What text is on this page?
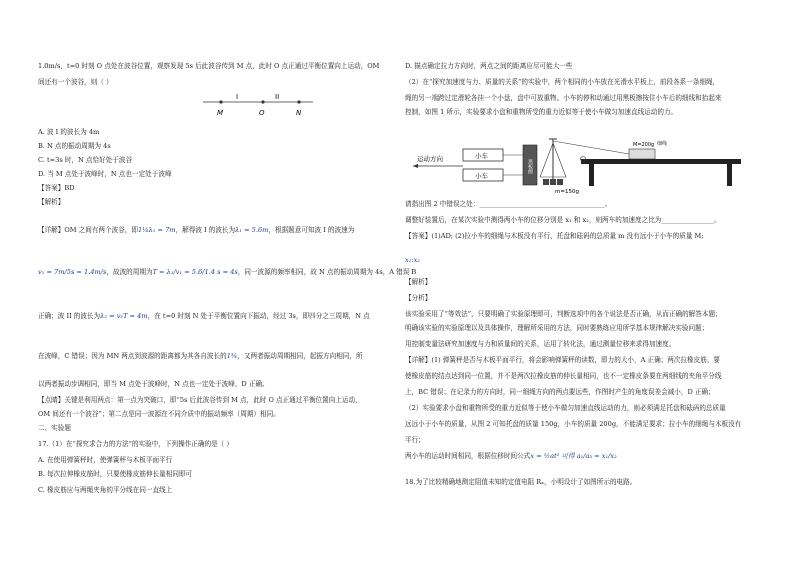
1.0m/s，t=0 时刻 O 点处在波谷位置，观察发现 5s 后此波谷传到 M 点，此时 O 点正通过平衡位置向上运动，OM
间还有一个波谷，则（ ）
I	II
M	O	N
A. 波 I 的波长为 4m
B. N 点的振动周期为 4s
C. t=3s 时，N 点恰好处于波谷
D. 当 M 点处于波峰时，N 点也一定处于波峰
【答案】BD
【解析】
【详解】OM 之间有两个波谷，即1¼λ₁ = 7m，解得波 I 的波长为λ₁ = 5.6m，根据题意可知波 I 的波速为
v₁ = 7m/5s = 1.4m/s，故波的周期为T = λ₁/v₁ = 5.6/1.4 s = 4s，同一波源的频率相同，故 N 点的振动周期为 4s，A 错误 B
正确；波 II 的波长为λ₂ = v₂T = 4m，在 t=0 时刻 N 处于平衡位置向下振动，经过 3s，即四分之三周期，N 点
在波峰，C 错误；因为 MN 两点到波源的距离都为其各自波长的1¾，又两者振动周期相同，起振方向相同，所
以两者振动步调相同，即当 M 点处于波峰时，N 点也一定处于波峰，D 正确。
【点睛】关键是利用两点：第一点为突破口，即“5s 后此波谷传到 M 点，此时 O 点正通过平衡位置向上运动，
OM 间还有一个波谷”；第二点是同一波源在不同介质中的振动频率（周期）相同。
二、实验题
17.（1）在“探究求合力的方法”的实验中，下列操作正确的是（ ）
A. 在使用弹簧秤时，使弹簧秤与木板平面平行
B. 每次拉伸橡皮筋时，只要使橡皮筋伸长量相同即可
C. 橡皮筋应与两绳夹角的平分线在同一直线上
D. 描点确定拉力方向时，两点之间的距离应尽可能大一些
（2）在“探究加速度与力、质量的关系”的实验中，两个相同的小车放在光滑水平板上，前段各系一条细绳，
绳的另一端跨过定滑轮各挂一个小盘，盘中可放重物。小车的停和动通过用黑板擦按住小车后的细线和抬起来
控制，如图 1 所示，实验要求小盘和重物所受的重力近似等于使小车做匀加速直线运动的力。
运动方向	小车
小车
黑板擦
m=150g
M=200g 细线
请指出图 2 中错误之处：______________________________________。
调整好装置后，在某次实验中测得两小车的位移分别是 x₁ 和 x₂，则两车的加速度之比为________________。
【答案】(1)AD; (2)拉小车的细绳与木板没有平行，托盘和砝码的总质量 m 没有远小于小车的质量 M;
x₁:x₂
【解析】
【分析】
该实验采用了“等效法”，只要明确了实验原理即可，判断选项中的各个说法是否正确，从而正确的解答本题；
明确该实验的实验原理以及具体操作，理解所采用的方法，同时要熟练应用所学基本规律解决实验问题；
用控制变量法研究加速度与力和质量间的关系，运用了转化法，通过测量位移来求得加速度。
【详解】(1) 弹簧秤是否与木板平面平行，将会影响弹簧秤的读数，即力的大小，A 正确；两次拉橡皮筋，要
使橡皮筋的结点达到同一位置，并不是两次拉橡皮筋的伸长量相同，也不一定橡皮条要在两细线的夹角平分线
上，BC 错误；在记录力的方向时，同一细绳方向的两点要远些，作图时产生的角度误差会减小，D 正确；
（2）实验要求小盘和重物所受的重力近似等于使小车做匀加速直线运动的力，则必须满足托盘和砝码的总质量
远远小于小车的质量，从图 2 可知托盘的质量 150g，小车的质量 200g，不能满足要求；拉小车的细绳与木板没有
平行；
两小车的运动时间相同，根据位移时间公式x = ½at² 可得 a₁/a₂ = x₁/x₂
18.为了比较精确地测定阻值未知的定值电阻 Rₓ，小明设计了如图所示的电路。
